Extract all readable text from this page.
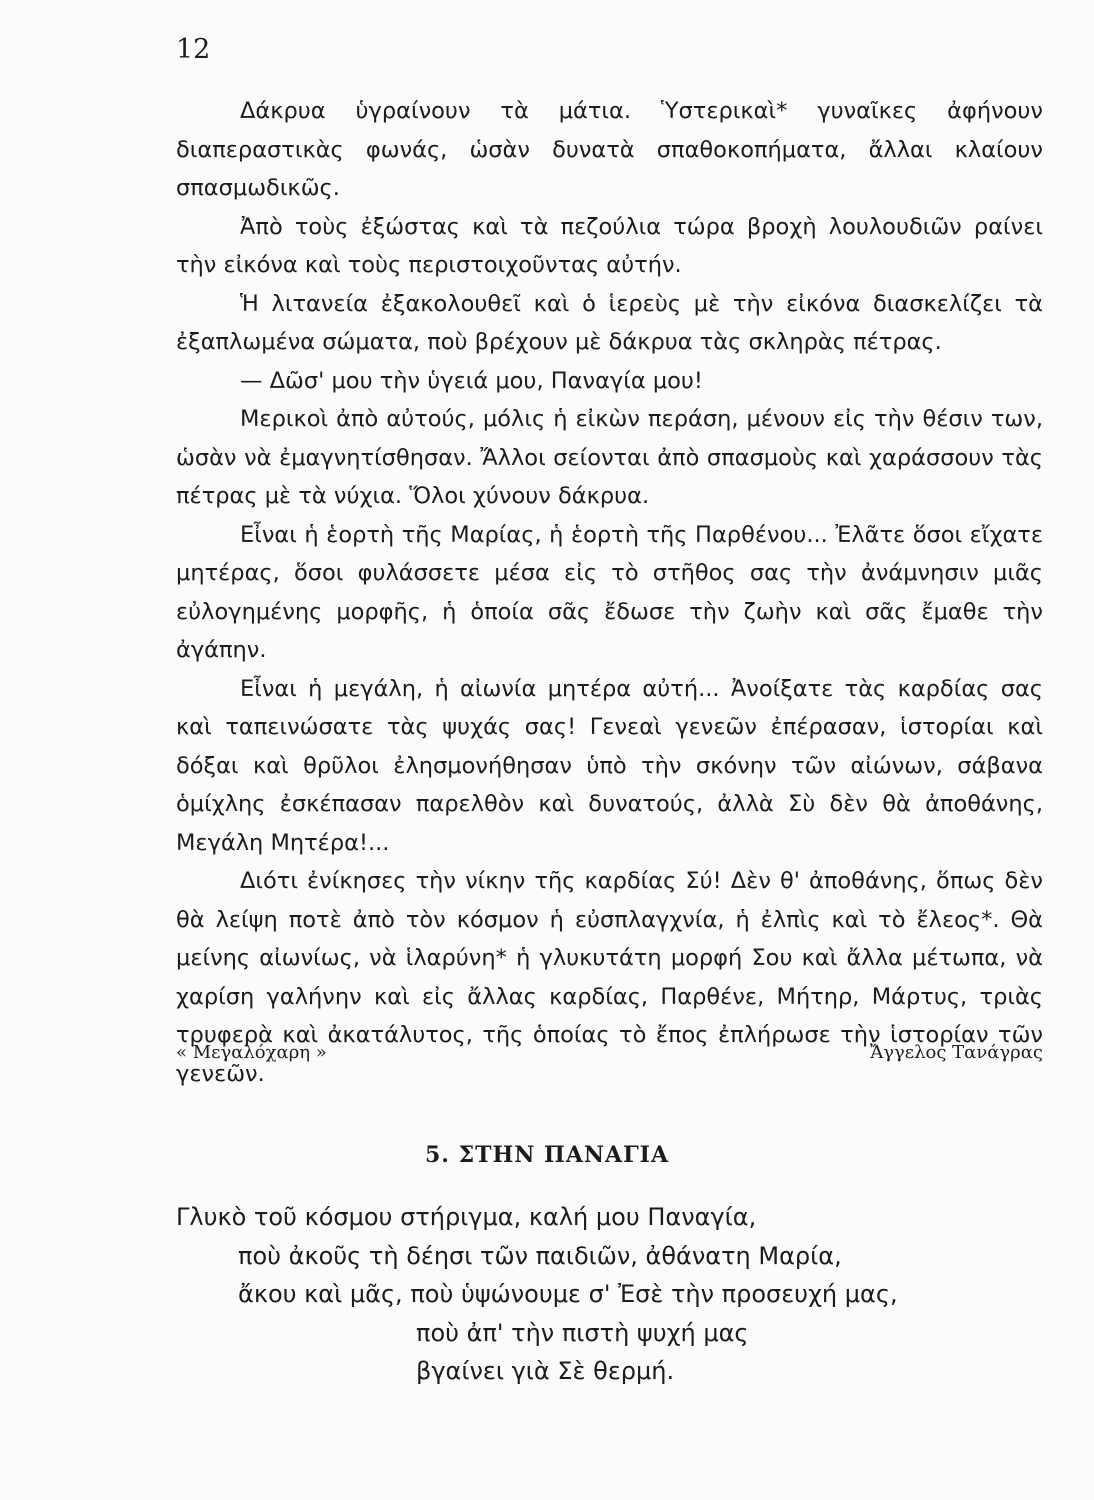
12

Δάκρυα ὑγραίνουν τὰ μάτια. Ὑστερικαὶ* γυναῖκες ἀφήνουν διαπεραστικὰς φωνάς, ὡσὰν δυνατὰ σπαθοκοπήματα, ἄλλαι κλαίουν σπασμωδικῶς.

Ἀπὸ τοὺς ἐξώστας καὶ τὰ πεζούλια τώρα βροχὴ λουλουδιῶν ραίνει τὴν εἰκόνα καὶ τοὺς περιστοιχοῦντας αὐτήν.

Ἡ λιτανεία ἐξακολουθεῖ καὶ ὁ ἱερεὺς μὲ τὴν εἰκόνα διασκελίζει τὰ ἐξαπλωμένα σώματα, ποὺ βρέχουν μὲ δάκρυα τὰς σκληρὰς πέτρας.

— Δῶσ' μου τὴν ὑγειά μου, Παναγία μου!

Μερικοὶ ἀπὸ αὐτούς, μόλις ἡ εἰκὼν περάση, μένουν εἰς τὴν θέσιν των, ὡσὰν νὰ ἐμαγνητίσθησαν. Ἄλλοι σείονται ἀπὸ σπασμοὺς καὶ χαράσσουν τὰς πέτρας μὲ τὰ νύχια. Ὅλοι χύνουν δάκρυα.

Εἶναι ἡ ἑορτὴ τῆς Μαρίας, ἡ ἑορτὴ τῆς Παρθένου... Ἐλᾶτε ὅσοι εἴχατε μητέρας, ὅσοι φυλάσσετε μέσα εἰς τὸ στῆθος σας τὴν ἀνάμνησιν μιᾶς εὐλογημένης μορφῆς, ἡ ὁποία σᾶς ἔδωσε τὴν ζωὴν καὶ σᾶς ἔμαθε τὴν ἀγάπην.

Εἶναι ἡ μεγάλη, ἡ αἰωνία μητέρα αὐτή... Ἀνοίξατε τὰς καρδίας σας καὶ ταπεινώσατε τὰς ψυχάς σας! Γενεαὶ γενεῶν ἐπέρασαν, ἱστορίαι καὶ δόξαι καὶ θρῦλοι ἐλησμονήθησαν ὑπὸ τὴν σκόνην τῶν αἰώνων, σάβανα ὁμίχλης ἐσκέπασαν παρελθὸν καὶ δυνατούς, ἀλλὰ Σὺ δὲν θὰ ἀποθάνης, Μεγάλη Μητέρα!...

Διότι ἐνίκησες τὴν νίκην τῆς καρδίας Σύ! Δὲν θ' ἀποθάνης, ὅπως δὲν θὰ λείψη ποτὲ ἀπὸ τὸν κόσμον ἡ εὐσπλαγχνία, ἡ ἐλπὶς καὶ τὸ ἔλεος*. Θὰ μείνης αἰωνίως, νὰ ἱλαρύνη* ἡ γλυκυτάτη μορφή Σου καὶ ἄλλα μέτωπα, νὰ χαρίση γαλήνην καὶ εἰς ἄλλας καρδίας, Παρθένε, Μήτηρ, Μάρτυς, τριὰς τρυφερὰ καὶ ἀκατάλυτος, τῆς ὁποίας τὸ ἔπος ἐπλήρωσε τὴν ἱστορίαν τῶν γενεῶν.

« Μεγαλόχαρη »	Ἄγγελος Τανάγρας
5. ΣΤΗΝ ΠΑΝΑΓΙΑ
Γλυκὸ τοῦ κόσμου στήριγμα, καλή μου Παναγία,
ποὺ ἀκοῦς τὴ δέησι τῶν παιδιῶν, ἀθάνατη Μαρία,
ἄκου καὶ μᾶς, ποὺ ὑψώνουμε σ' Ἐσὲ τὴν προσευχή μας,
ποὺ ἀπ' τὴν πιστὴ ψυχή μας
βγαίνει γιὰ Σὲ θερμή.
